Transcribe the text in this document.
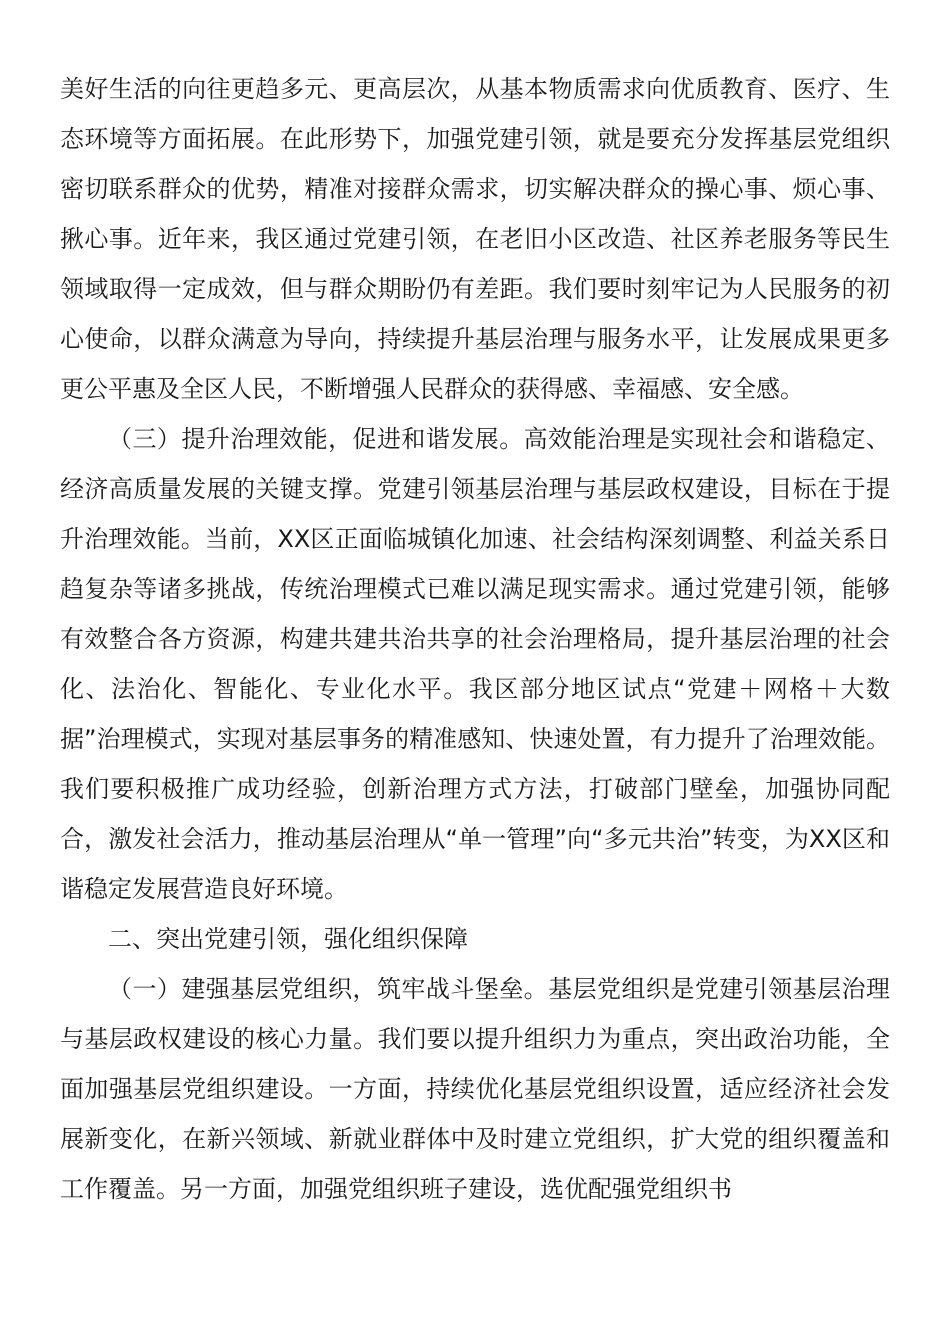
美好生活的向往更趋多元、更高层次，从基本物质需求向优质教育、医疗、生态环境等方面拓展。在此形势下，加强党建引领，就是要充分发挥基层党组织密切联系群众的优势，精准对接群众需求，切实解决群众的操心事、烦心事、揪心事。近年来，我区通过党建引领，在老旧小区改造、社区养老服务等民生领域取得一定成效，但与群众期盼仍有差距。我们要时刻牢记为人民服务的初心使命，以群众满意为导向，持续提升基层治理与服务水平，让发展成果更多更公平惠及全区人民，不断增强人民群众的获得感、幸福感、安全感。

（三）提升治理效能，促进和谐发展。高效能治理是实现社会和谐稳定、经济高质量发展的关键支撑。党建引领基层治理与基层政权建设，目标在于提升治理效能。当前，XX区正面临城镇化加速、社会结构深刻调整、利益关系日趋复杂等诸多挑战，传统治理模式已难以满足现实需求。通过党建引领，能够有效整合各方资源，构建共建共治共享的社会治理格局，提升基层治理的社会化、法治化、智能化、专业化水平。我区部分地区试点“党建＋网格＋大数据”治理模式，实现对基层事务的精准感知、快速处置，有力提升了治理效能。我们要积极推广成功经验，创新治理方式方法，打破部门壁垒，加强协同配合，激发社会活力，推动基层治理从“单一管理”向“多元共治”转变，为XX区和谐稳定发展营造良好环境。

二、突出党建引领，强化组织保障

（一）建强基层党组织，筑牢战斗堡垒。基层党组织是党建引领基层治理与基层政权建设的核心力量。我们要以提升组织力为重点，突出政治功能，全面加强基层党组织建设。一方面，持续优化基层党组织设置，适应经济社会发展新变化，在新兴领域、新就业群体中及时建立党组织，扩大党的组织覆盖和工作覆盖。另一方面，加强党组织班子建设，选优配强党组织书
